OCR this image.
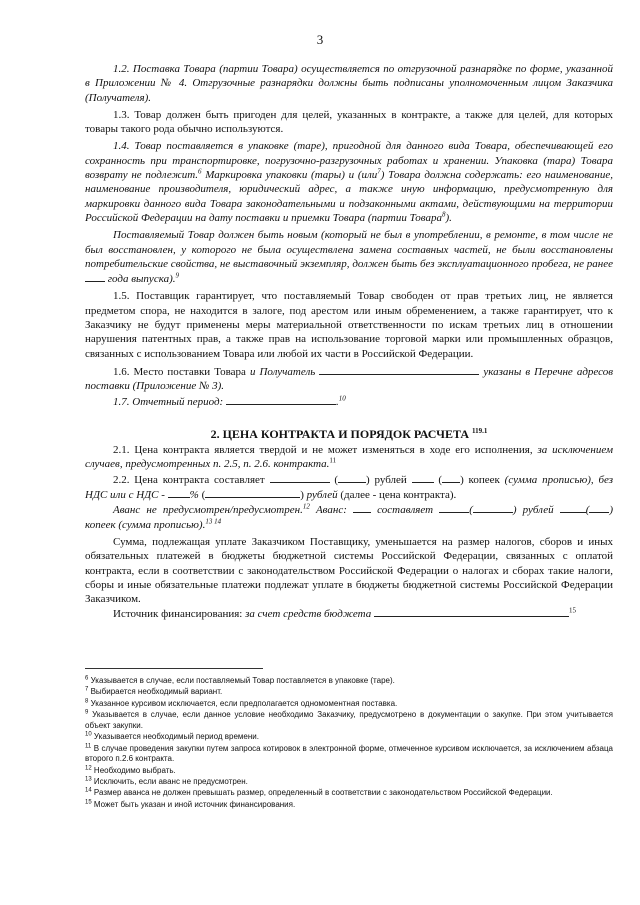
3

1.2. Поставка Товара (партии Товара) осуществляется по отгрузочной разнарядке по форме, указанной в Приложении № 4. Отгрузочные разнарядки должны быть подписаны уполномоченным лицом Заказчика (Получателя).

1.3. Товар должен быть пригоден для целей, указанных в контракте, а также для целей, для которых товары такого рода обычно используются.

1.4. Товар поставляется в упаковке (таре), пригодной для данного вида Товара, обеспечивающей его сохранность при транспортировке, погрузочно-разгрузочных работах и хранении. Упаковка (тара) Товара возврату не подлежит.$^6$ Маркировка упаковки (тары) и (или$^7$) Товара должна содержать: его наименование, наименование производителя, юридический адрес, а также иную информацию, предусмотренную для маркировки данного вида Товара законодательными и подзаконными актами, действующими на территории Российской Федерации на дату поставки и приемки Товара (партии Товара$^8$).

Поставляемый Товар должен быть новым (который не был в употреблении, в ремонте, в том числе не был восстановлен, у которого не была осуществлена замена составных частей, не были восстановлены потребительские свойства, не выставочный экземпляр, должен быть без эксплуатационного пробега, не ранее  года выпуска).$^9$

1.5. Поставщик гарантирует, что поставляемый Товар свободен от прав третьих лиц, не является предметом спора, не находится в залоге, под арестом или иным обременением, а также гарантирует, что к Заказчику не будут применены меры материальной ответственности по искам третьих лиц в отношении нарушения патентных прав, а также прав на использование торговой марки или промышленных образцов, связанных с использованием Товара или любой их части в Российской Федерации.

1.6. Место поставки Товара и Получатель	указаны в Перечне адресов поставки (Приложение № 3).

1.7. Отчетный период:	.$^{10}$

2. ЦЕНА КОНТРАКТА И ПОРЯДОК РАСЧЕТА $^{119.1}$

2.1. Цена контракта является твердой и не может изменяться в ходе его исполнения, за исключением случаев, предусмотренных п. 2.5, п. 2.6. контракта.$^{11}$

2.2. Цена контракта составляет	(	) рублей  ( ) копеек (сумма прописью), без НДС или с НДС - % (	) рублей (далее - цена контракта).

Аванс не предусмотрен/предусмотрен.$^{12}$ Аванс:	составляет	(	) рублей	( ) копеек (сумма прописью).$^{13 14}$

Сумма, подлежащая уплате Заказчиком Поставщику, уменьшается на размер налогов, сборов и иных обязательных платежей в бюджеты бюджетной системы Российской Федерации, связанных с оплатой контракта, если в соответствии с законодательством Российской Федерации о налогах и сборах такие налоги, сборы и иные обязательные платежи подлежат уплате в бюджеты бюджетной системы Российской Федерации Заказчиком.

Источник финансирования: за счет средств бюджета	$^{15}$

$^6$ Указывается в случае, если поставляемый Товар поставляется в упаковке (таре).

$^7$ Выбирается необходимый вариант.

$^8$ Указанное курсивом исключается, если предполагается одномоментная поставка.

$^9$ Указывается в случае, если данное условие необходимо Заказчику, предусмотрено в документации о закупке. При этом учитывается объект закупки.

$^{10}$ Указывается необходимый период времени.

$^{11}$ В случае проведения закупки путем запроса котировок в электронной форме, отмеченное курсивом исключается, за исключением абзаца второго п.2.6 контракта.

$^{12}$ Необходимо выбрать.

$^{13}$ Исключить, если аванс не предусмотрен.

$^{14}$ Размер аванса не должен превышать размер, определенный в соответствии с законодательством Российской Федерации.

$^{15}$ Может быть указан и иной источник финансирования.
